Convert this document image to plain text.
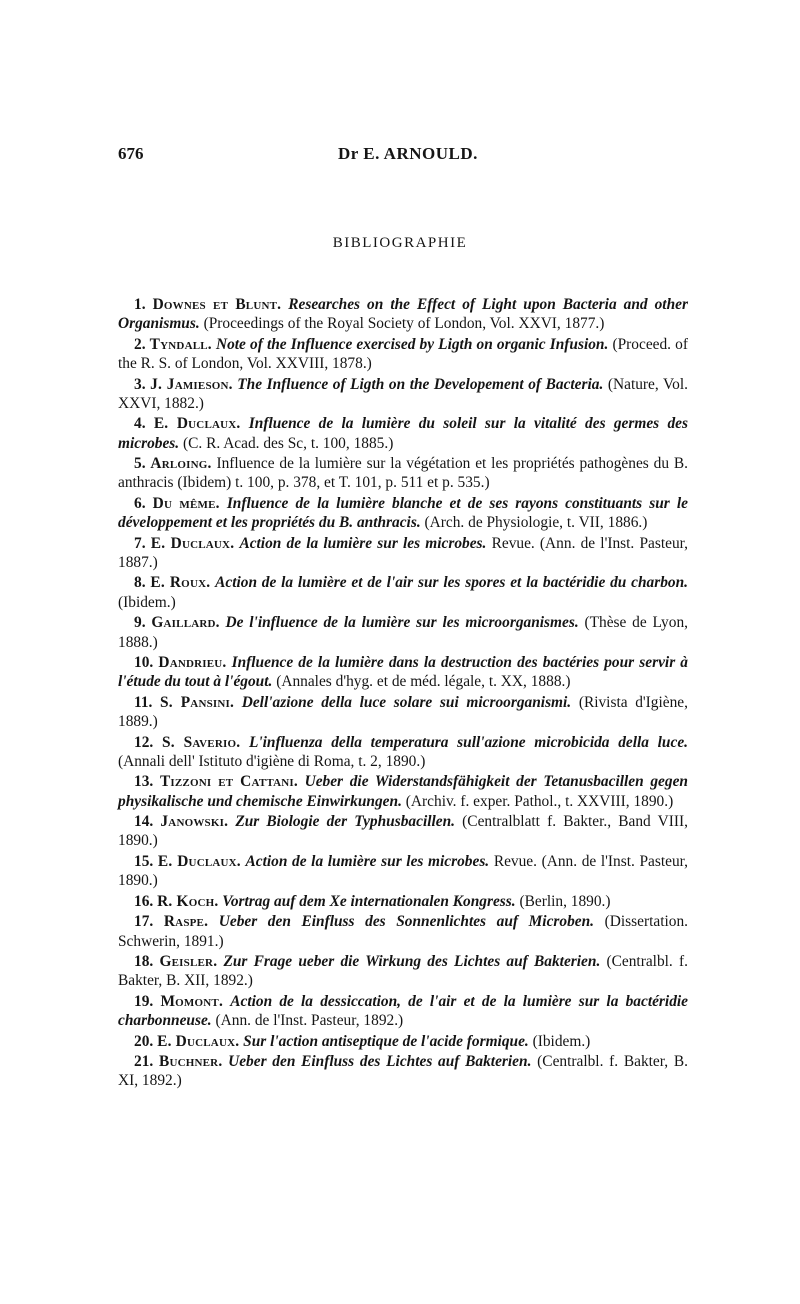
676	Dr E. ARNOULD.
BIBLIOGRAPHIE

1. Downes et Blunt. Researches on the Effect of Light upon Bacteria and other Organismus. (Proceedings of the Royal Society of London, Vol. XXVI, 1877.)

2. Tyndall. Note of the Influence exercised by Ligth on organic Infusion. (Proceed. of the R. S. of London, Vol. XXVIII, 1878.)

3. J. Jamieson. The Influence of Ligth on the Developement of Bacteria. (Nature, Vol. XXVI, 1882.)

4. E. Duclaux. Influence de la lumière du soleil sur la vitalité des germes des microbes. (C. R. Acad. des Sc, t. 100, 1885.)

5. Arloing. Influence de la lumière sur la végétation et les propriétés pathogènes du B. anthracis (Ibidem) t. 100, p. 378, et T. 101, p. 511 et p. 535.)

6. Du même. Influence de la lumière blanche et de ses rayons constituants sur le développement et les propriétés du B. anthracis. (Arch. de Physiologie, t. VII, 1886.)

7. E. Duclaux. Action de la lumière sur les microbes. Revue. (Ann. de l'Inst. Pasteur, 1887.)

8. E. Roux. Action de la lumière et de l'air sur les spores et la bactéridie du charbon. (Ibidem.)

9. Gaillard. De l'influence de la lumière sur les microorganismes. (Thèse de Lyon, 1888.)

10. Dandrieu. Influence de la lumière dans la destruction des bactéries pour servir à l'étude du tout à l'égout. (Annales d'hyg. et de méd. légale, t. XX, 1888.)

11. S. Pansini. Dell'azione della luce solare sui microorganismi. (Rivista d'Igiène, 1889.)

12. S. Saverio. L'influenza della temperatura sull'azione microbicida della luce. (Annali dell' Istituto d'igiène di Roma, t. 2, 1890.)

13. Tizzoni et Cattani. Ueber die Widerstandsfähigkeit der Tetanusbacillen gegen physikalische und chemische Einwirkungen. (Archiv. f. exper. Pathol., t. XXVIII, 1890.)

14. Janowski. Zur Biologie der Typhusbacillen. (Centralblatt f. Bakter., Band VIII, 1890.)

15. E. Duclaux. Action de la lumière sur les microbes. Revue. (Ann. de l'Inst. Pasteur, 1890.)

16. R. Koch. Vortrag auf dem Xe internationalen Kongress. (Berlin, 1890.)

17. Raspe. Ueber den Einfluss des Sonnenlichtes auf Microben. (Dissertation. Schwerin, 1891.)

18. Geisler. Zur Frage ueber die Wirkung des Lichtes auf Bakterien. (Centralbl. f. Bakter, B. XII, 1892.)

19. Momont. Action de la dessiccation, de l'air et de la lumière sur la bactéridie charbonneuse. (Ann. de l'Inst. Pasteur, 1892.)

20. E. Duclaux. Sur l'action antiseptique de l'acide formique. (Ibidem.)

21. Buchner. Ueber den Einfluss des Lichtes auf Bakterien. (Centralbl. f. Bakter, B. XI, 1892.)
